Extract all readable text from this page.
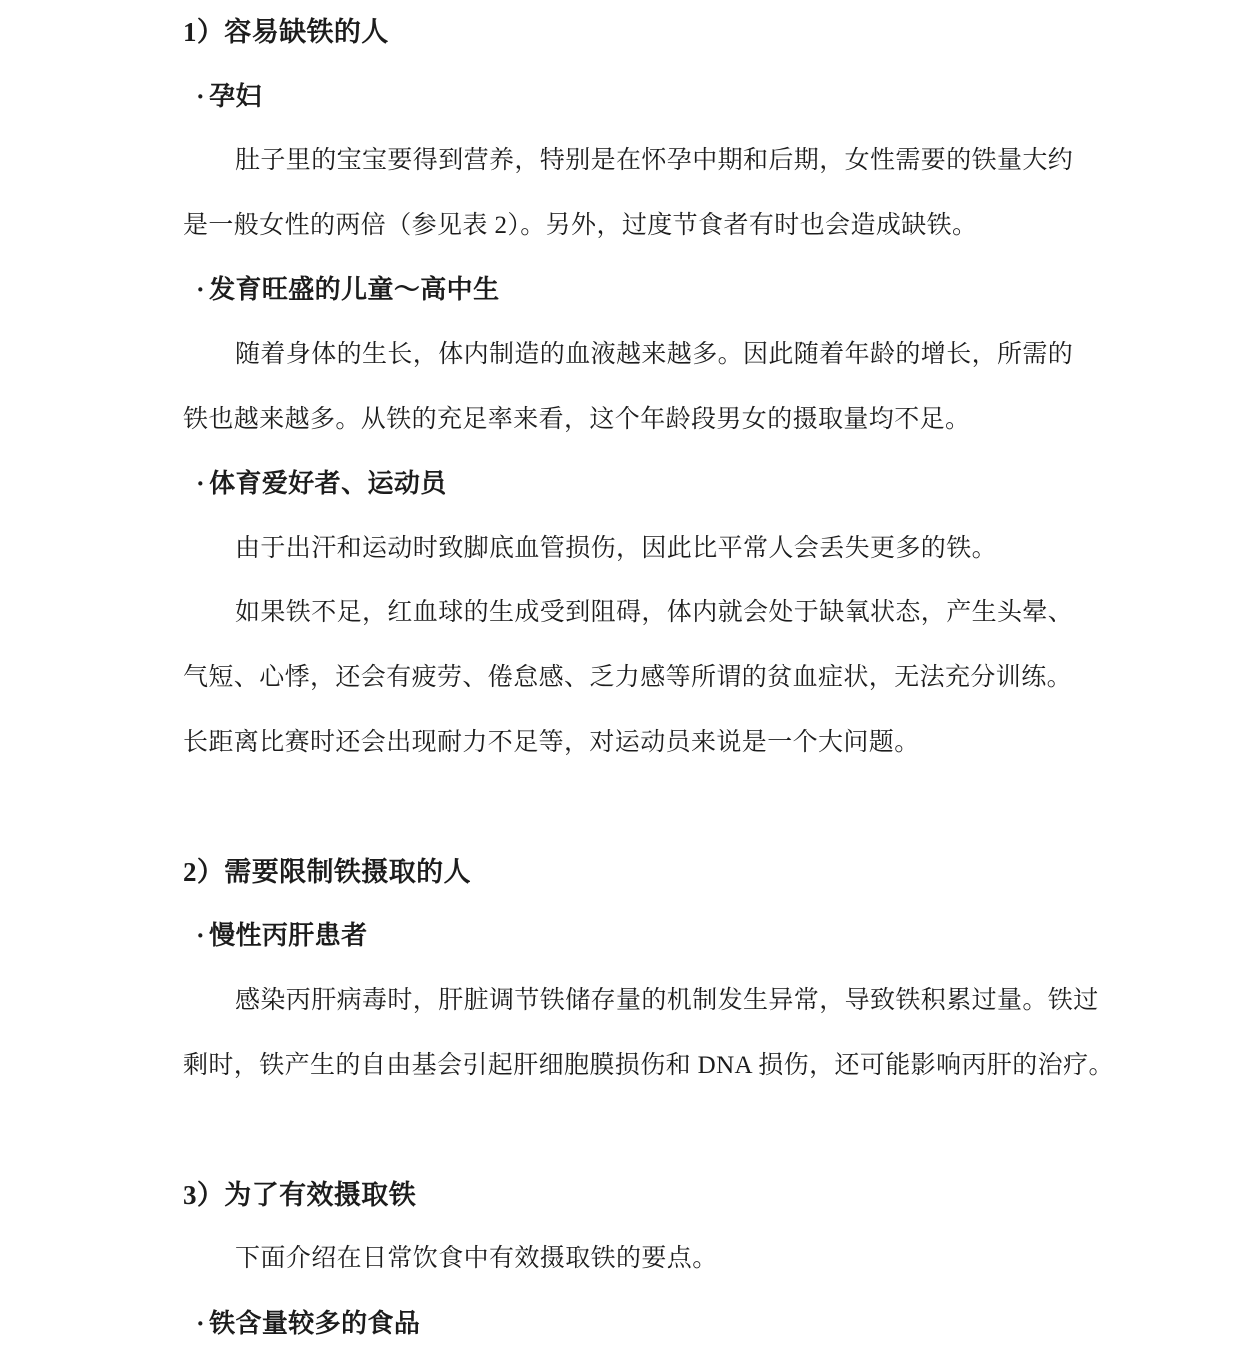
1）容易缺铁的人
· 孕妇
肚子里的宝宝要得到营养，特别是在怀孕中期和后期，女性需要的铁量大约
是一般女性的两倍（参见表 2）。另外，过度节食者有时也会造成缺铁。
· 发育旺盛的儿童～高中生
随着身体的生长，体内制造的血液越来越多。因此随着年龄的增长，所需的
铁也越来越多。从铁的充足率来看，这个年龄段男女的摄取量均不足。
· 体育爱好者、运动员
由于出汗和运动时致脚底血管损伤，因此比平常人会丢失更多的铁。
如果铁不足，红血球的生成受到阻碍，体内就会处于缺氧状态，产生头晕、
气短、心悸，还会有疲劳、倦怠感、乏力感等所谓的贫血症状，无法充分训练。
长距离比赛时还会出现耐力不足等，对运动员来说是一个大问题。
2）需要限制铁摄取的人
· 慢性丙肝患者
感染丙肝病毒时，肝脏调节铁储存量的机制发生异常，导致铁积累过量。铁过
剩时，铁产生的自由基会引起肝细胞膜损伤和 DNA 损伤，还可能影响丙肝的治疗。
3）为了有效摄取铁
下面介绍在日常饮食中有效摄取铁的要点。
· 铁含量较多的食品
